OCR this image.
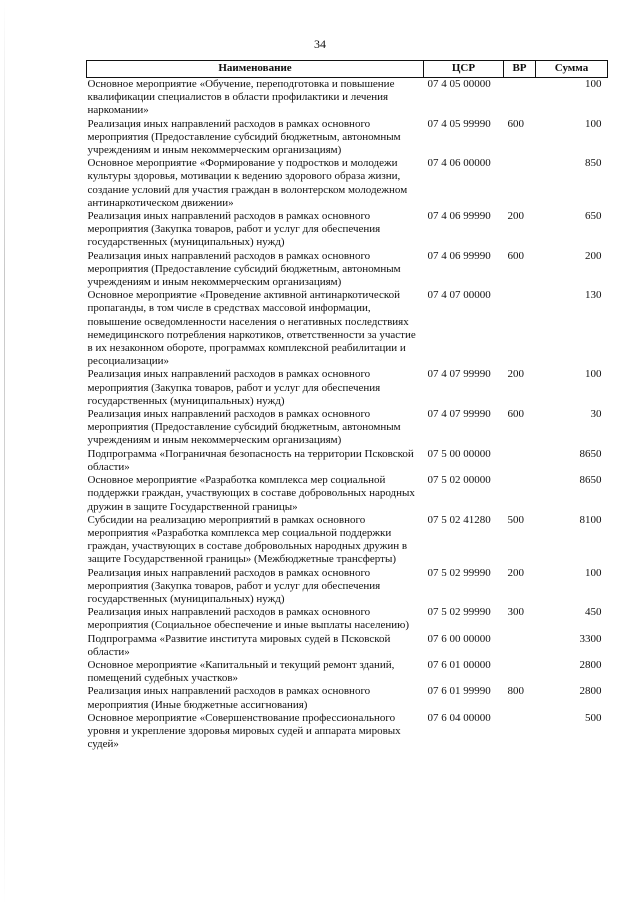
34
Наименование	ЦСР	ВР	Сумма
Основное мероприятие «Обучение, переподготовка и повышение квалификации специалистов в области профилактики и лечения наркомании»	07 4 05 00000		100
Реализация иных направлений расходов в рамках основного мероприятия (Предоставление субсидий бюджетным, автономным учреждениям и иным некоммерческим организациям)	07 4 05 99990	600	100
Основное мероприятие «Формирование у подростков и молодежи культуры здоровья, мотивации к ведению здорового образа жизни, создание условий для участия граждан в волонтерском молодежном антинаркотическом движении»	07 4 06 00000		850
Реализация иных направлений расходов в рамках основного мероприятия (Закупка товаров, работ и услуг для обеспечения государственных (муниципальных) нужд)	07 4 06 99990	200	650
Реализация иных направлений расходов в рамках основного мероприятия (Предоставление субсидий бюджетным, автономным учреждениям и иным некоммерческим организациям)	07 4 06 99990	600	200
Основное мероприятие «Проведение активной антинаркотической пропаганды, в том числе в средствах массовой информации, повышение осведомленности населения о негативных последствиях немедицинского потребления наркотиков, ответственности за участие в их незаконном обороте, программах комплексной реабилитации и ресоциализации»	07 4 07 00000		130
Реализация иных направлений расходов в рамках основного мероприятия (Закупка товаров, работ и услуг для обеспечения государственных (муниципальных) нужд)	07 4 07 99990	200	100
Реализация иных направлений расходов в рамках основного мероприятия (Предоставление субсидий бюджетным, автономным учреждениям и иным некоммерческим организациям)	07 4 07 99990	600	30
Подпрограмма «Пограничная безопасность на территории Псковской области»	07 5 00 00000		8650
Основное мероприятие «Разработка комплекса мер социальной поддержки граждан, участвующих в составе добровольных народных дружин в защите Государственной границы»	07 5 02 00000		8650
Субсидии на реализацию мероприятий в рамках основного мероприятия «Разработка комплекса мер социальной поддержки граждан, участвующих в составе добровольных народных дружин в защите Государственной границы» (Межбюджетные трансферты)	07 5 02 41280	500	8100
Реализация иных направлений расходов в рамках основного мероприятия (Закупка товаров, работ и услуг для обеспечения государственных (муниципальных) нужд)	07 5 02 99990	200	100
Реализация иных направлений расходов в рамках основного мероприятия (Социальное обеспечение и иные выплаты населению)	07 5 02 99990	300	450
Подпрограмма «Развитие института мировых судей в Псковской области»	07 6 00 00000		3300
Основное мероприятие «Капитальный и текущий ремонт зданий, помещений судебных участков»	07 6 01 00000		2800
Реализация иных направлений расходов в рамках основного мероприятия (Иные бюджетные ассигнования)	07 6 01 99990	800	2800
Основное мероприятие «Совершенствование профессионального уровня и укрепление здоровья мировых судей и аппарата мировых судей»	07 6 04 00000		500
